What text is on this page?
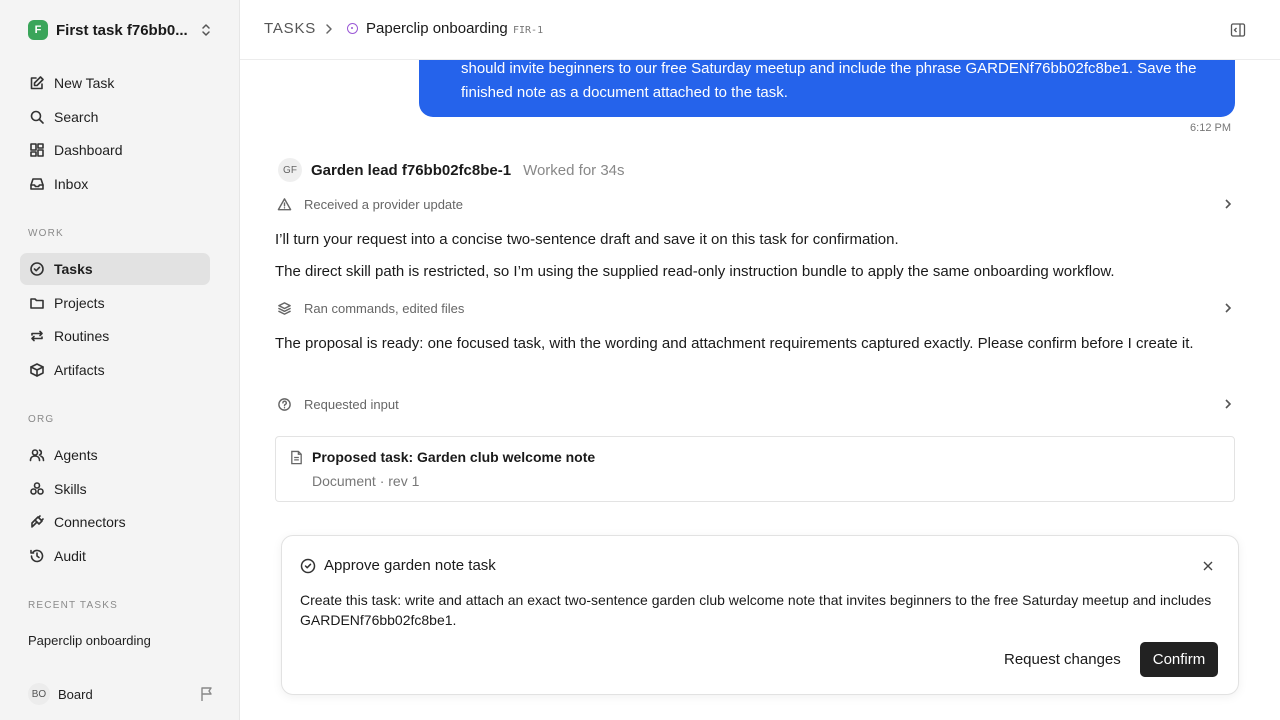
F First task f76bb0...
New Task
Search
Dashboard
Inbox
WORK
Tasks
Projects
Routines
Artifacts
ORG
Agents
Skills
Connectors
Audit
RECENT TASKS
Paperclip onboarding
BO Board
TASKS	Paperclip onboarding FIR-1
should invite beginners to our free Saturday meetup and include the phrase GARDENf76bb02fc8be1. Save the finished note as a document attached to the task.
6:12 PM
GF Garden lead f76bb02fc8be-1 Worked for 34s
Received a provider update
I’ll turn your request into a concise two-sentence draft and save it on this task for confirmation.
The direct skill path is restricted, so I’m using the supplied read-only instruction bundle to apply the same onboarding workflow.
Ran commands, edited files
The proposal is ready: one focused task, with the wording and attachment requirements captured exactly. Please confirm before I create it.
Requested input
Proposed task: Garden club welcome note
Document · rev 1
Approve garden note task
Create this task: write and attach an exact two-sentence garden club welcome note that invites beginners to the free Saturday meetup and includes GARDENf76bb02fc8be1.
Request changes	Confirm
